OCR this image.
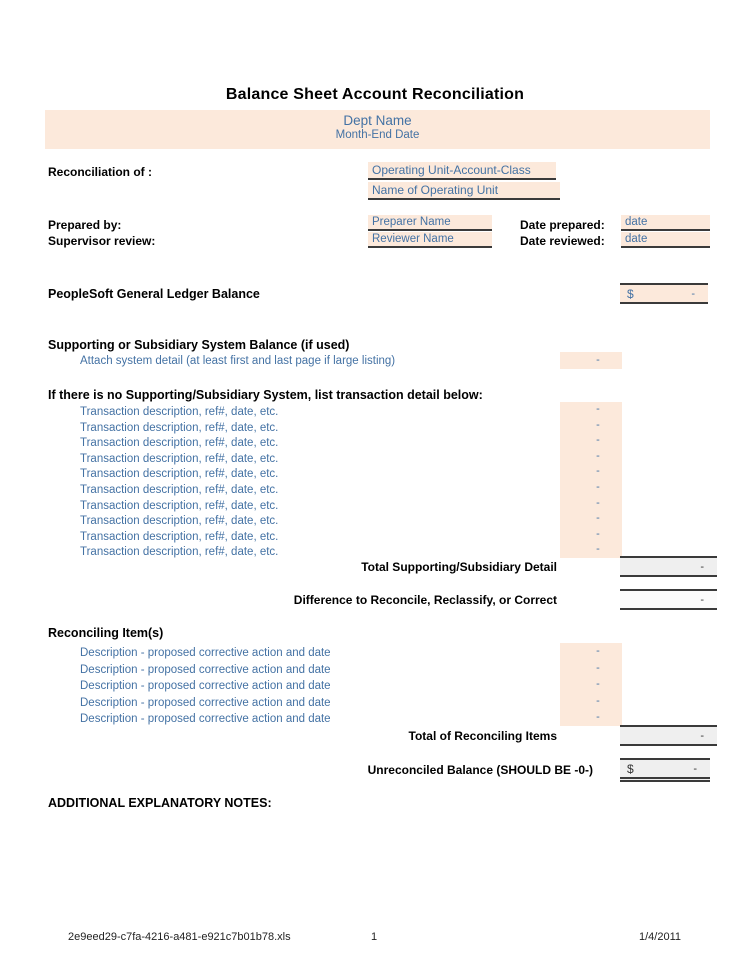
Balance Sheet Account Reconciliation
Dept Name
Month-End Date
Reconciliation of :	Operating Unit-Account-Class
Name of Operating Unit
Prepared by:	Preparer Name	Date prepared:	date
Supervisor review:	Reviewer Name	Date reviewed:	date
PeopleSoft General Ledger Balance	$	-
Supporting or Subsidiary System Balance (if used)
Attach system detail (at least first and last page if large listing)	-
If there is no Supporting/Subsidiary System, list transaction detail below:
Transaction description, ref#, date, etc.	-
Transaction description, ref#, date, etc.	-
Transaction description, ref#, date, etc.	-
Transaction description, ref#, date, etc.	-
Transaction description, ref#, date, etc.	-
Transaction description, ref#, date, etc.	-
Transaction description, ref#, date, etc.	-
Transaction description, ref#, date, etc.	-
Transaction description, ref#, date, etc.	-
Transaction description, ref#, date, etc.	-
Total Supporting/Subsidiary Detail	-
Difference to Reconcile, Reclassify, or Correct	-
Reconciling Item(s)
Description - proposed corrective action and date	-
Description - proposed corrective action and date	-
Description - proposed corrective action and date	-
Description - proposed corrective action and date	-
Description - proposed corrective action and date	-
Total of Reconciling Items	-
Unreconciled Balance (SHOULD BE -0-)	$	-
ADDITIONAL EXPLANATORY NOTES:
2e9eed29-c7fa-4216-a481-e921c7b01b78.xls	1	1/4/2011
